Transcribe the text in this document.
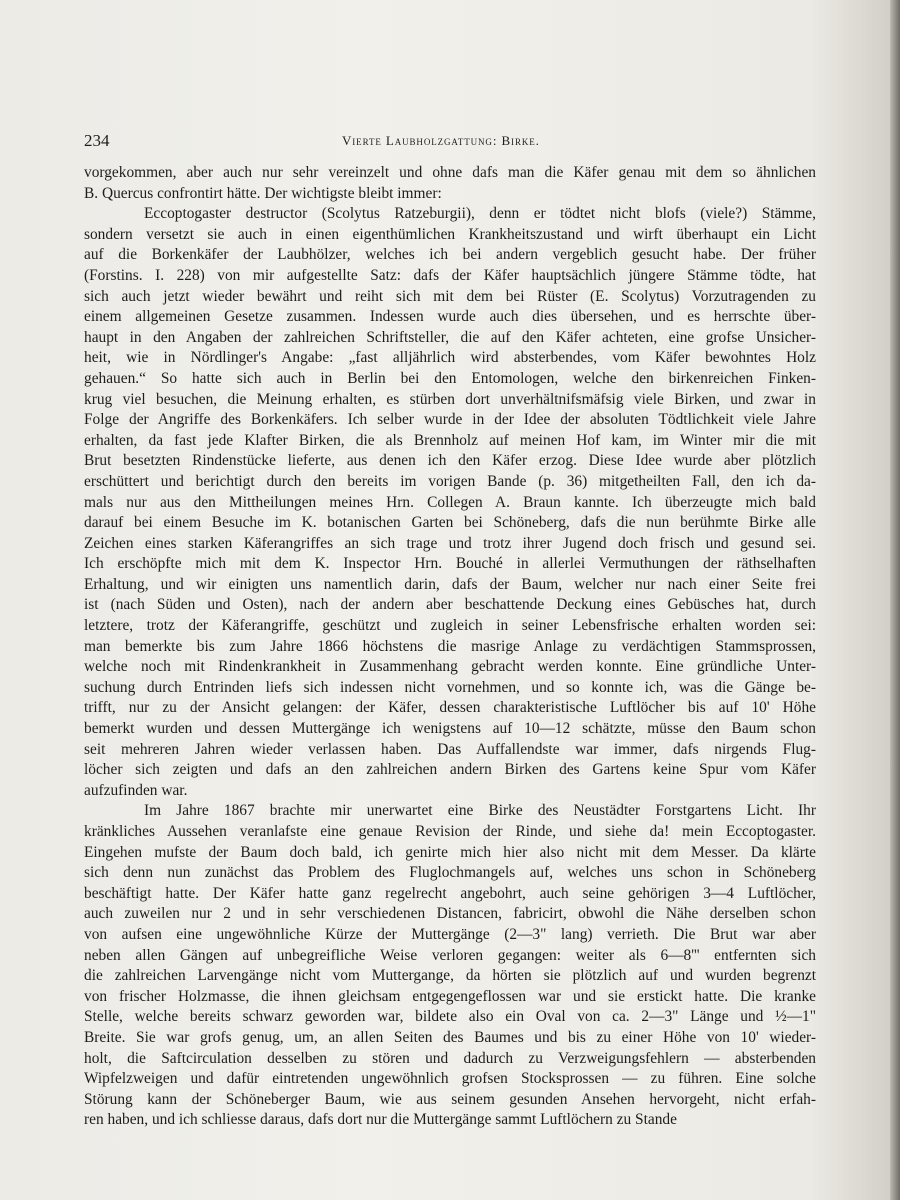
234	Vierte Laubholzgattung: Birke.
vorgekommen, aber auch nur sehr vereinzelt und ohne dafs man die Käfer genau mit dem so ähnlichen
B. Quercus confrontirt hätte. Der wichtigste bleibt immer:
Eccoptogaster destructor (Scolytus Ratzeburgii), denn er tödtet nicht blofs (viele?) Stämme,
sondern versetzt sie auch in einen eigenthümlichen Krankheitszustand und wirft überhaupt ein Licht
auf die Borkenkäfer der Laubhölzer, welches ich bei andern vergeblich gesucht habe. Der früher
(Forstins. I. 228) von mir aufgestellte Satz: dafs der Käfer hauptsächlich jüngere Stämme tödte, hat
sich auch jetzt wieder bewährt und reiht sich mit dem bei Rüster (E. Scolytus) Vorzutragenden zu
einem allgemeinen Gesetze zusammen. Indessen wurde auch dies übersehen, und es herrschte über-
haupt in den Angaben der zahlreichen Schriftsteller, die auf den Käfer achteten, eine grofse Unsicher-
heit, wie in Nördlinger's Angabe: „fast alljährlich wird absterbendes, vom Käfer bewohntes Holz
gehauen.“ So hatte sich auch in Berlin bei den Entomologen, welche den birkenreichen Finken-
krug viel besuchen, die Meinung erhalten, es stürben dort unverhältnifsmäfsig viele Birken, und zwar in
Folge der Angriffe des Borkenkäfers. Ich selber wurde in der Idee der absoluten Tödtlichkeit viele Jahre
erhalten, da fast jede Klafter Birken, die als Brennholz auf meinen Hof kam, im Winter mir die mit
Brut besetzten Rindenstücke lieferte, aus denen ich den Käfer erzog. Diese Idee wurde aber plötzlich
erschüttert und berichtigt durch den bereits im vorigen Bande (p. 36) mitgetheilten Fall, den ich da-
mals nur aus den Mittheilungen meines Hrn. Collegen A. Braun kannte. Ich überzeugte mich bald
darauf bei einem Besuche im K. botanischen Garten bei Schöneberg, dafs die nun berühmte Birke alle
Zeichen eines starken Käferangriffes an sich trage und trotz ihrer Jugend doch frisch und gesund sei.
Ich erschöpfte mich mit dem K. Inspector Hrn. Bouché in allerlei Vermuthungen der räthselhaften
Erhaltung, und wir einigten uns namentlich darin, dafs der Baum, welcher nur nach einer Seite frei
ist (nach Süden und Osten), nach der andern aber beschattende Deckung eines Gebüsches hat, durch
letztere, trotz der Käferangriffe, geschützt und zugleich in seiner Lebensfrische erhalten worden sei:
man bemerkte bis zum Jahre 1866 höchstens die masrige Anlage zu verdächtigen Stammsprossen,
welche noch mit Rindenkrankheit in Zusammenhang gebracht werden konnte. Eine gründliche Unter-
suchung durch Entrinden liefs sich indessen nicht vornehmen, und so konnte ich, was die Gänge be-
trifft, nur zu der Ansicht gelangen: der Käfer, dessen charakteristische Luftlöcher bis auf 10' Höhe
bemerkt wurden und dessen Muttergänge ich wenigstens auf 10—12 schätzte, müsse den Baum schon
seit mehreren Jahren wieder verlassen haben. Das Auffallendste war immer, dafs nirgends Flug-
löcher sich zeigten und dafs an den zahlreichen andern Birken des Gartens keine Spur vom Käfer
aufzufinden war.
Im Jahre 1867 brachte mir unerwartet eine Birke des Neustädter Forstgartens Licht. Ihr
kränkliches Aussehen veranlafste eine genaue Revision der Rinde, und siehe da! mein Eccoptogaster.
Eingehen mufste der Baum doch bald, ich genirte mich hier also nicht mit dem Messer. Da klärte
sich denn nun zunächst das Problem des Fluglochmangels auf, welches uns schon in Schöneberg
beschäftigt hatte. Der Käfer hatte ganz regelrecht angebohrt, auch seine gehörigen 3—4 Luftlöcher,
auch zuweilen nur 2 und in sehr verschiedenen Distancen, fabricirt, obwohl die Nähe derselben schon
von aufsen eine ungewöhnliche Kürze der Muttergänge (2—3" lang) verrieth. Die Brut war aber
neben allen Gängen auf unbegreifliche Weise verloren gegangen: weiter als 6—8''' entfernten sich
die zahlreichen Larvengänge nicht vom Muttergange, da hörten sie plötzlich auf und wurden begrenzt
von frischer Holzmasse, die ihnen gleichsam entgegengeflossen war und sie erstickt hatte. Die kranke
Stelle, welche bereits schwarz geworden war, bildete also ein Oval von ca. 2—3" Länge und ½—1"
Breite. Sie war grofs genug, um, an allen Seiten des Baumes und bis zu einer Höhe von 10' wieder-
holt, die Saftcirculation desselben zu stören und dadurch zu Verzweigungsfehlern — absterbenden
Wipfelzweigen und dafür eintretenden ungewöhnlich grofsen Stocksprossen — zu führen. Eine solche
Störung kann der Schöneberger Baum, wie aus seinem gesunden Ansehen hervorgeht, nicht erfah-
ren haben, und ich schliesse daraus, dafs dort nur die Muttergänge sammt Luftlöchern zu Stande
